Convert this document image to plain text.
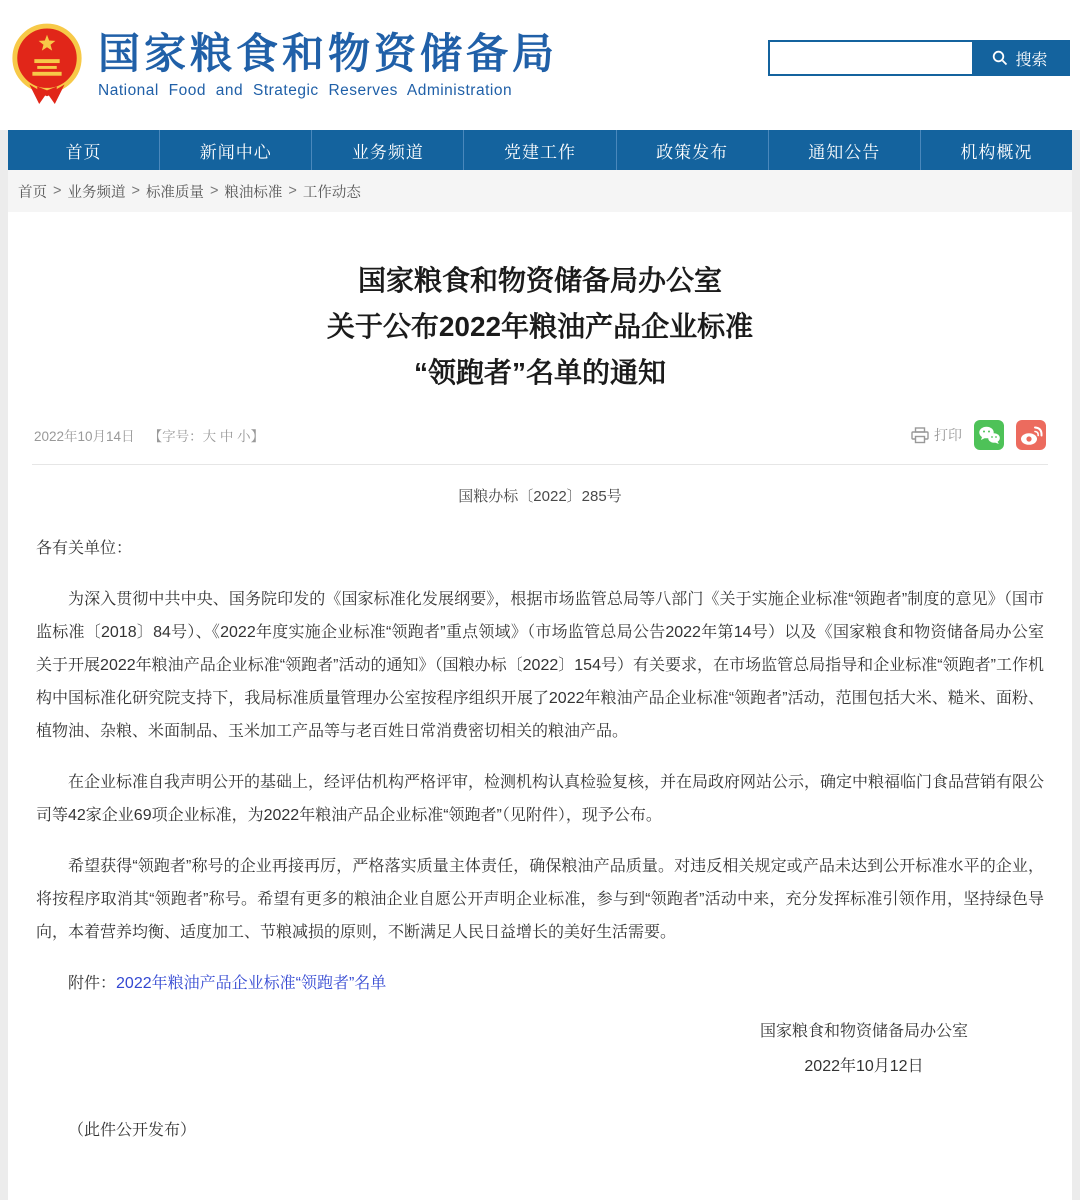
国家粮食和物资储备局
National Food and Strategic Reserves Administration
搜索
首页	新闻中心	业务频道	党建工作	政策发布	通知公告	机构概况
首页 > 业务频道 > 标准质量 > 粮油标准 > 工作动态
国家粮食和物资储备局办公室
关于公布2022年粮油产品企业标准
“领跑者”名单的通知
2022年10月14日 【字号：大 中 小】	打印
国粮办标〔2022〕285号

各有关单位：

为深入贯彻中共中央、国务院印发的《国家标准化发展纲要》，根据市场监管总局等八部门《关于实施企业标准“领跑者”制度的意见》（国市监标准〔2018〕84号）、《2022年度实施企业标准“领跑者”重点领域》（市场监管总局公告2022年第14号）以及《国家粮食和物资储备局办公室关于开展2022年粮油产品企业标准“领跑者”活动的通知》（国粮办标〔2022〕154号）有关要求，在市场监管总局指导和企业标准“领跑者”工作机构中国标准化研究院支持下，我局标准质量管理办公室按程序组织开展了2022年粮油产品企业标准“领跑者”活动，范围包括大米、糙米、面粉、植物油、杂粮、米面制品、玉米加工产品等与老百姓日常消费密切相关的粮油产品。

在企业标准自我声明公开的基础上，经评估机构严格评审，检测机构认真检验复核，并在局政府网站公示，确定中粮福临门食品营销有限公司等42家企业69项企业标准，为2022年粮油产品企业标准“领跑者”（见附件），现予公布。

希望获得“领跑者”称号的企业再接再厉，严格落实质量主体责任，确保粮油产品质量。对违反相关规定或产品未达到公开标准水平的企业，将按程序取消其“领跑者”称号。希望有更多的粮油企业自愿公开声明企业标准，参与到“领跑者”活动中来，充分发挥标准引领作用，坚持绿色导向，本着营养均衡、适度加工、节粮减损的原则，不断满足人民日益增长的美好生活需要。

附件：2022年粮油产品企业标准“领跑者”名单

国家粮食和物资储备局办公室
2022年10月12日

（此件公开发布）
